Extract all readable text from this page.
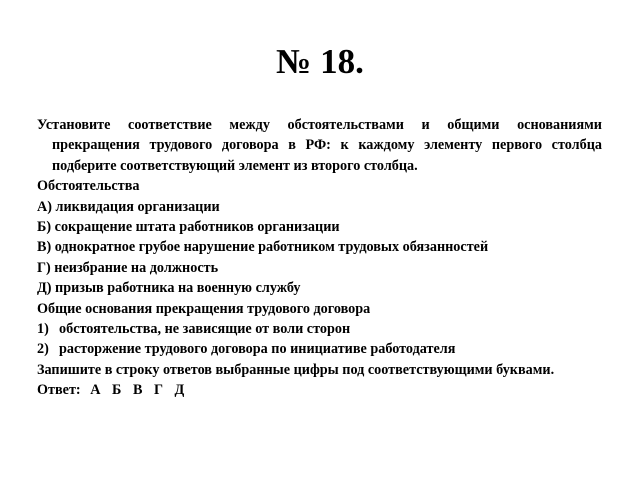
№ 18.

Установите соответствие между обстоятельствами и общими основаниями прекращения трудового договора в РФ: к каждому элементу первого столбца подберите соответствующий элемент из второго столбца.

Обстоятельства

А) ликвидация организации

Б) сокращение штата работников организации

В) однократное грубое нарушение работником трудовых обязанностей

Г) неизбрание на должность

Д) призыв работника на военную службу

Общие основания прекращения трудового договора

1) обстоятельства, не зависящие от воли сторон
2) расторжение трудового договора по инициативе работодателя

Запишите в строку ответов выбранные цифры под соответствующими буквами.

Ответ: А Б В Г Д
